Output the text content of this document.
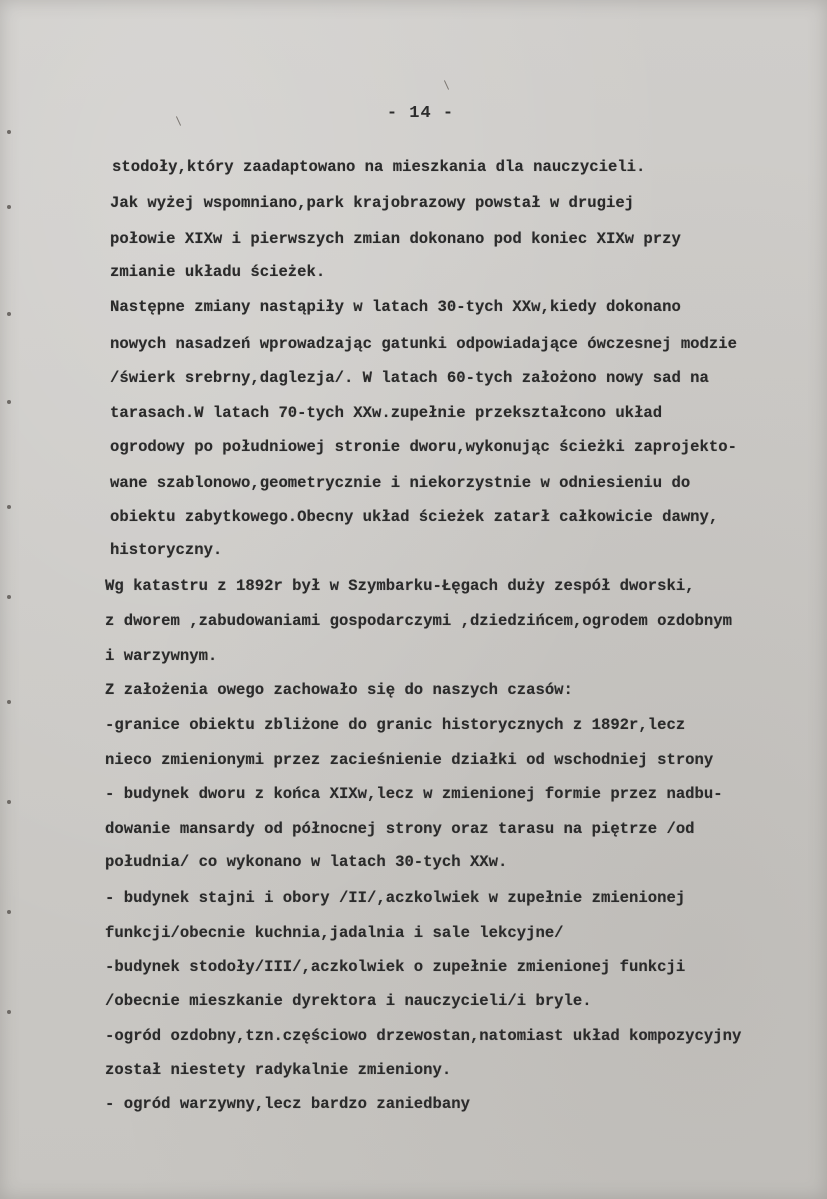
- 14 -
stodoły,który zaadaptowano na mieszkania dla nauczycieli.
Jak wyżej wspomniano,park krajobrazowy powstał w drugiej
połowie XIXw i pierwszych zmian dokonano pod koniec XIXw przy
zmianie układu ścieżek.
Następne zmiany nastąpiły w latach 30-tych XXw,kiedy dokonano
nowych nasadzeń wprowadzając gatunki odpowiadające ówczesnej modzie
/świerk srebrny,daglezja/. W latach 60-tych założono nowy sad na
tarasach.W latach 70-tych XXw.zupełnie przekształcono układ
ogrodowy po południowej stronie dworu,wykonując ścieżki zaprojekto-
wane szablonowo,geometrycznie i niekorzystnie w odniesieniu do
obiektu zabytkowego.Obecny układ ścieżek zatarł całkowicie dawny,
historyczny.
Wg katastru z 1892r był w Szymbarku-Łęgach duży zespół dworski,
z dworem ,zabudowaniami gospodarczymi ,dziedzińcem,ogrodem ozdobnym
i warzywnym.
Z założenia owego zachowało się do naszych czasów:
-granice obiektu zbliżone do granic historycznych z 1892r,lecz
nieco zmienionymi przez zacieśnienie działki od wschodniej strony
- budynek dworu z końca XIXw,lecz w zmienionej formie przez nadbu-
dowanie mansardy od północnej strony oraz tarasu na piętrze /od
południa/ co wykonano w latach 30-tych XXw.
- budynek stajni i obory /II/,aczkolwiek w zupełnie zmienionej
funkcji/obecnie kuchnia,jadalnia i sale lekcyjne/
-budynek stodoły/III/,aczkolwiek o zupełnie zmienionej funkcji
/obecnie mieszkanie dyrektora i nauczycieli/i bryle.
-ogród ozdobny,tzn.częściowo drzewostan,natomiast układ kompozycyjny
został niestety radykalnie zmieniony.
- ogród warzywny,lecz bardzo zaniedbany
